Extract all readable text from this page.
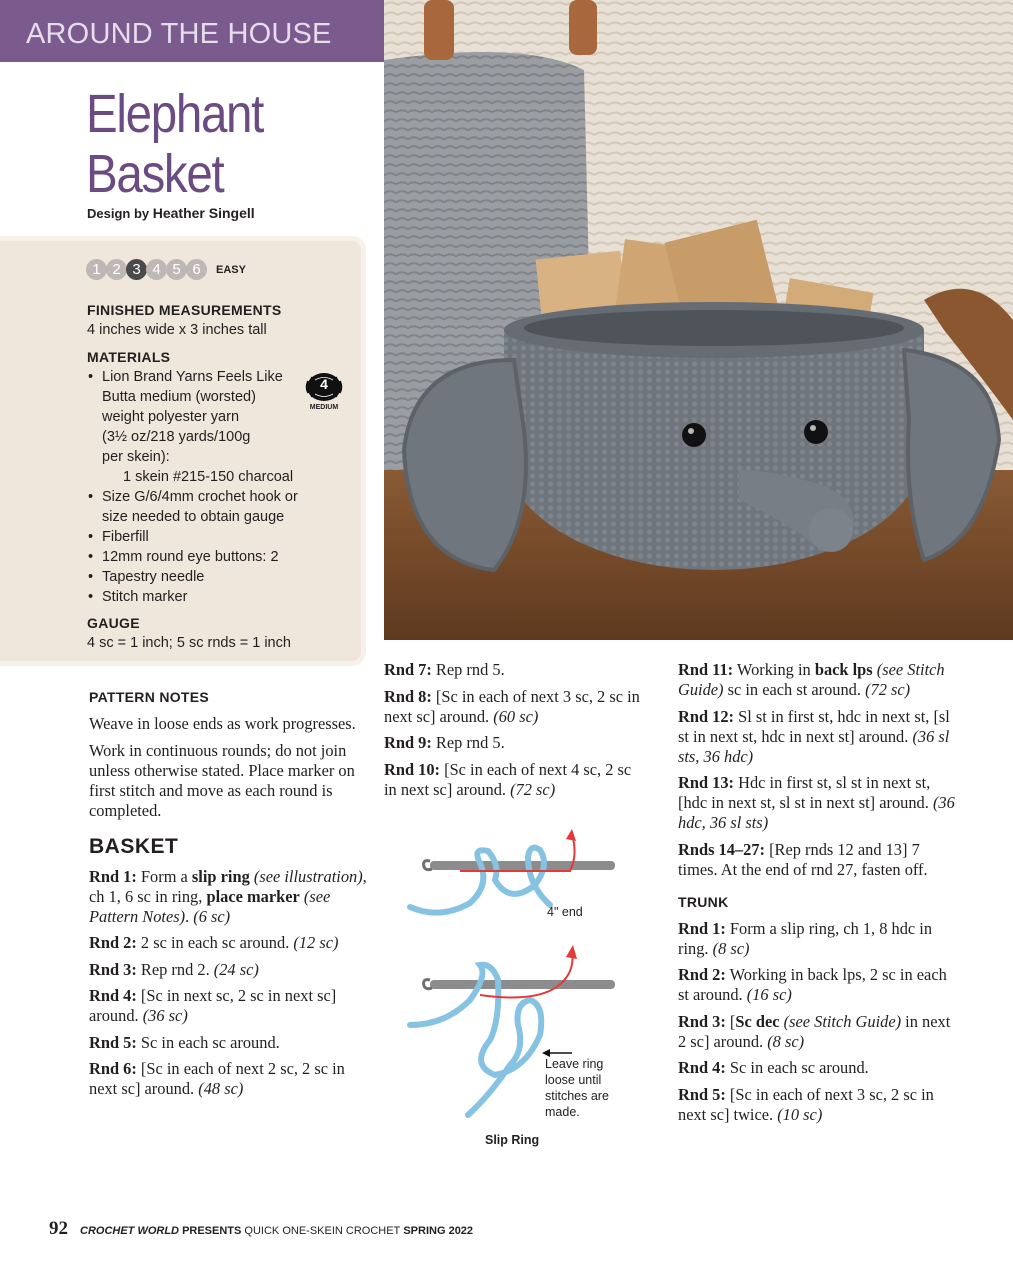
AROUND THE HOUSE
Elephant
Basket
Design by Heather Singell
1 2 3 4 5 6	EASY
FINISHED MEASUREMENTS
4 inches wide x 3 inches tall
MATERIALS
• Lion Brand Yarns Feels Like
Butta medium (worsted)
weight polyester yarn
(3½ oz/218 yards/100g
per skein):
1 skein #215-150 charcoal
• Size G/6/4mm crochet hook or
size needed to obtain gauge
• Fiberfill
• 12mm round eye buttons: 2
• Tapestry needle
• Stitch marker
4
MEDIUM
GAUGE
4 sc = 1 inch; 5 sc rnds = 1 inch
PATTERN NOTES

Weave in loose ends as work progresses.

Work in continuous rounds; do not join unless otherwise stated. Place marker on first stitch and move as each round is completed.

BASKET

Rnd 1: Form a slip ring (see illustration), ch 1, 6 sc in ring, place marker (see Pattern Notes). (6 sc)

Rnd 2: 2 sc in each sc around. (12 sc)

Rnd 3: Rep rnd 2. (24 sc)

Rnd 4: [Sc in next sc, 2 sc in next sc] around. (36 sc)

Rnd 5: Sc in each sc around.

Rnd 6: [Sc in each of next 2 sc, 2 sc in next sc] around. (48 sc)

Rnd 7: Rep rnd 5.

Rnd 8: [Sc in each of next 3 sc, 2 sc in next sc] around. (60 sc)

Rnd 9: Rep rnd 5.

Rnd 10: [Sc in each of next 4 sc, 2 sc in next sc] around. (72 sc)

4" end
Leave ring
loose until
stitches are
made.
Slip Ring

Rnd 11: Working in back lps (see Stitch Guide) sc in each st around. (72 sc)

Rnd 12: Sl st in first st, hdc in next st, [sl st in next st, hdc in next st] around. (36 sl sts, 36 hdc)

Rnd 13: Hdc in first st, sl st in next st, [hdc in next st, sl st in next st] around. (36 hdc, 36 sl sts)

Rnds 14–27: [Rep rnds 12 and 13] 7 times. At the end of rnd 27, fasten off.

TRUNK

Rnd 1: Form a slip ring, ch 1, 8 hdc in ring. (8 sc)

Rnd 2: Working in back lps, 2 sc in each st around. (16 sc)

Rnd 3: [Sc dec (see Stitch Guide) in next 2 sc] around. (8 sc)

Rnd 4: Sc in each sc around.

Rnd 5: [Sc in each of next 3 sc, 2 sc in next sc] twice. (10 sc)

92 CROCHET WORLD
PRESENTS
QUICK ONE-SKEIN CROCHET
SPRING 2022
